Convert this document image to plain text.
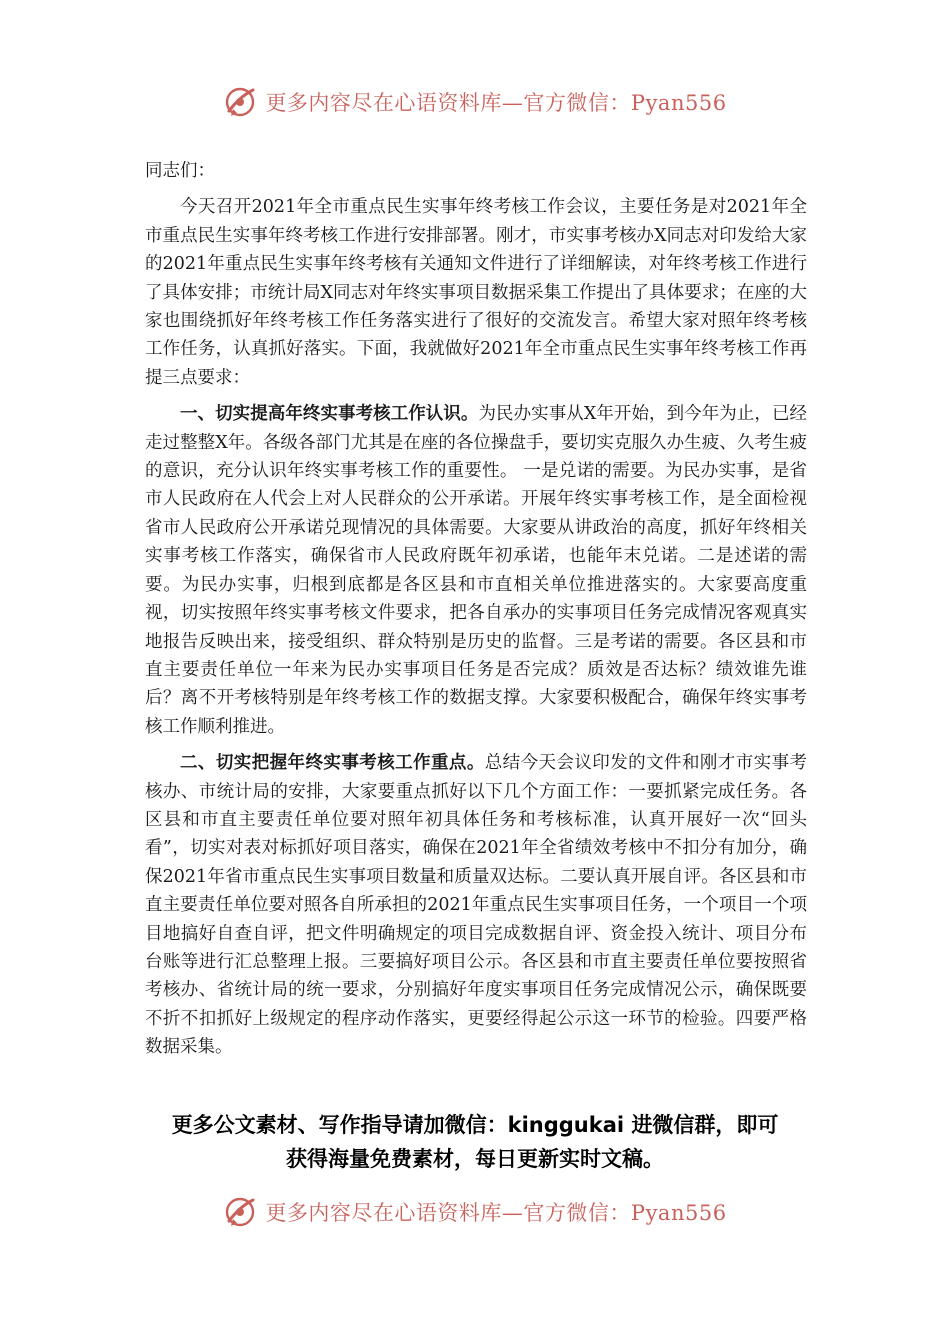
更多内容尽在心语资料库—官方微信：Pyan556

同志们：

今天召开2021年全市重点民生实事年终考核工作会议，主要任务是对2021年全市重点民生实事年终考核工作进行安排部署。刚才，市实事考核办X同志对印发给大家的2021年重点民生实事年终考核有关通知文件进行了详细解读，对年终考核工作进行了具体安排；市统计局X同志对年终实事项目数据采集工作提出了具体要求；在座的大家也围绕抓好年终考核工作任务落实进行了很好的交流发言。希望大家对照年终考核工作任务，认真抓好落实。下面，我就做好2021年全市重点民生实事年终考核工作再提三点要求：

一、切实提高年终实事考核工作认识。为民办实事从X年开始，到今年为止，已经走过整整X年。各级各部门尤其是在座的各位操盘手，要切实克服久办生疲、久考生疲的意识，充分认识年终实事考核工作的重要性。 一是兑诺的需要。为民办实事，是省市人民政府在人代会上对人民群众的公开承诺。开展年终实事考核工作，是全面检视省市人民政府公开承诺兑现情况的具体需要。大家要从讲政治的高度，抓好年终相关实事考核工作落实，确保省市人民政府既年初承诺，也能年末兑诺。二是述诺的需要。为民办实事，归根到底都是各区县和市直相关单位推进落实的。大家要高度重视，切实按照年终实事考核文件要求，把各自承办的实事项目任务完成情况客观真实地报告反映出来，接受组织、群众特别是历史的监督。三是考诺的需要。各区县和市直主要责任单位一年来为民办实事项目任务是否完成？质效是否达标？绩效谁先谁后？离不开考核特别是年终考核工作的数据支撑。大家要积极配合，确保年终实事考核工作顺利推进。

二、切实把握年终实事考核工作重点。总结今天会议印发的文件和刚才市实事考核办、市统计局的安排，大家要重点抓好以下几个方面工作：一要抓紧完成任务。各区县和市直主要责任单位要对照年初具体任务和考核标准，认真开展好一次“回头看”，切实对表对标抓好项目落实，确保在2021年全省绩效考核中不扣分有加分，确保2021年省市重点民生实事项目数量和质量双达标。二要认真开展自评。各区县和市直主要责任单位要对照各自所承担的2021年重点民生实事项目任务，一个项目一个项目地搞好自查自评，把文件明确规定的项目完成数据自评、资金投入统计、项目分布台账等进行汇总整理上报。三要搞好项目公示。各区县和市直主要责任单位要按照省考核办、省统计局的统一要求，分别搞好年度实事项目任务完成情况公示，确保既要不折不扣抓好上级规定的程序动作落实，更要经得起公示这一环节的检验。四要严格数据采集。

更多公文素材、写作指导请加微信：kinggukai 进微信群，即可
获得海量免费素材，每日更新实时文稿。
更多内容尽在心语资料库—官方微信：Pyan556
